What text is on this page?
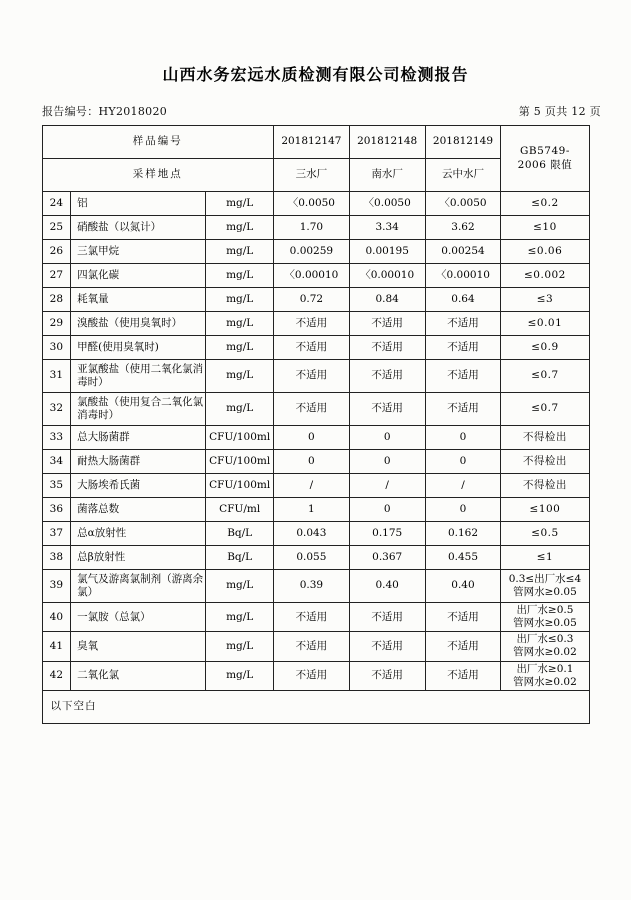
山西水务宏远水质检测有限公司检测报告
报告编号：HY2018020	第 5 页共 12 页
样品编号			201812147	201812148	201812149	GB5749-
2006 限值
采样地点			三水厂	南水厂	云中水厂	
24	铝	mg/L	〈0.0050	〈0.0050	〈0.0050	≤0.2
25	硝酸盐（以氮计）	mg/L	1.70	3.34	3.62	≤10
26	三氯甲烷	mg/L	0.00259	0.00195	0.00254	≤0.06
27	四氯化碳	mg/L	〈0.00010	〈0.00010	〈0.00010	≤0.002
28	耗氧量	mg/L	0.72	0.84	0.64	≤3
29	溴酸盐（使用臭氧时）	mg/L	不适用	不适用	不适用	≤0.01
30	甲醛(使用臭氧时)	mg/L	不适用	不适用	不适用	≤0.9
31	亚氯酸盐（使用二氧化氯消毒时）	mg/L	不适用	不适用	不适用	≤0.7
32	氯酸盐（使用复合二氧化氯消毒时）	mg/L	不适用	不适用	不适用	≤0.7
33	总大肠菌群	CFU/100ml	0	0	0	不得检出
34	耐热大肠菌群	CFU/100ml	0	0	0	不得检出
35	大肠埃希氏菌	CFU/100ml	/	/	/	不得检出
36	菌落总数	CFU/ml	1	0	0	≤100
37	总α放射性	Bq/L	0.043	0.175	0.162	≤0.5
38	总β放射性	Bq/L	0.055	0.367	0.455	≤1
39	氯气及游离氯制剂（游离余氯）	mg/L	0.39	0.40	0.40	0.3≤出厂水≤4
管网水≥0.05
40	一氯胺（总氯）	mg/L	不适用	不适用	不适用	出厂水≥0.5
管网水≥0.05
41	臭氧	mg/L	不适用	不适用	不适用	出厂水≤0.3
管网水≥0.02
42	二氧化氯	mg/L	不适用	不适用	不适用	出厂水≥0.1
管网水≥0.02
以下空白						
